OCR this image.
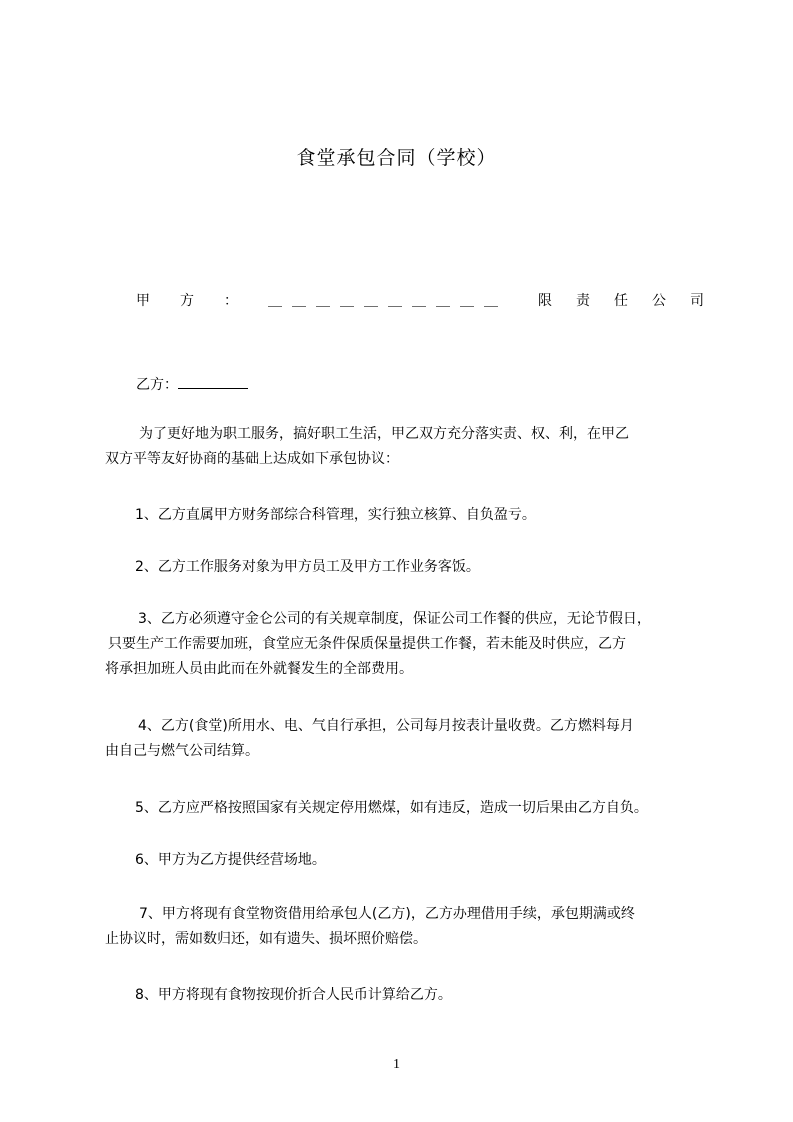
食堂承包合同（学校）
甲 方 ： ＿＿＿＿＿＿＿＿＿＿ 限 责 任 公 司
乙方：
为了更好地为职工服务，搞好职工生活，甲乙双方充分落实责、权、利，在甲乙
双方平等友好协商的基础上达成如下承包协议：
1、乙方直属甲方财务部综合科管理，实行独立核算、自负盈亏。
2、乙方工作服务对象为甲方员工及甲方工作业务客饭。
3、乙方必须遵守金仑公司的有关规章制度，保证公司工作餐的供应，无论节假日，
只要生产工作需要加班，食堂应无条件保质保量提供工作餐，若未能及时供应，乙方
将承担加班人员由此而在外就餐发生的全部费用。
4、乙方(食堂)所用水、电、气自行承担，公司每月按表计量收费。乙方燃料每月
由自己与燃气公司结算。
5、乙方应严格按照国家有关规定停用燃煤，如有违反，造成一切后果由乙方自负。
6、甲方为乙方提供经营场地。
7、甲方将现有食堂物资借用给承包人(乙方)，乙方办理借用手续，承包期满或终
止协议时，需如数归还，如有遗失、损坏照价赔偿。
8、甲方将现有食物按现价折合人民币计算给乙方。
1
